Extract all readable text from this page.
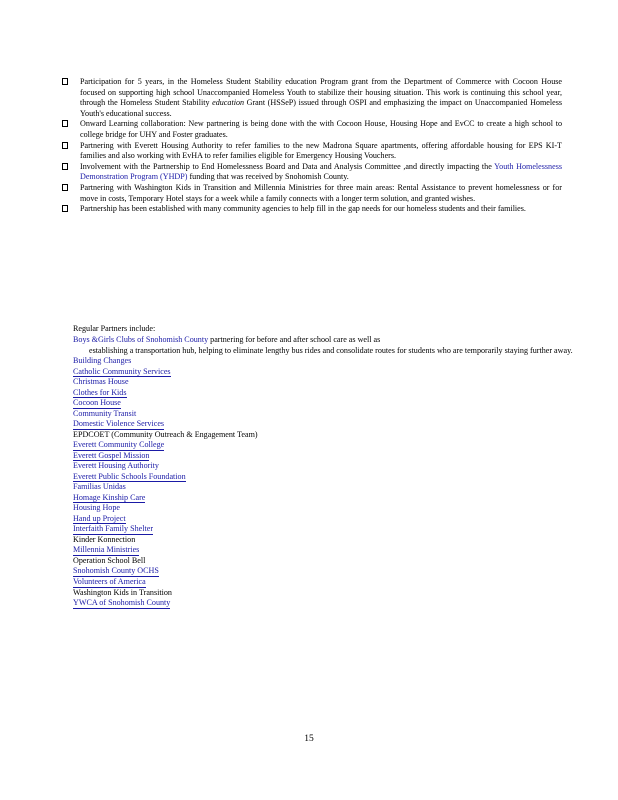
Participation for 5 years, in the Homeless Student Stability education Program grant from the Department of Commerce with Cocoon House focused on supporting high school Unaccompanied Homeless Youth to stabilize their housing situation. This work is continuing this school year, through the Homeless Student Stability education Grant (HSSeP) issued through OSPI and emphasizing the impact on Unaccompanied Homeless Youth's educational success.
Onward Learning collaboration: New partnering is being done with the with Cocoon House, Housing Hope and EvCC to create a high school to college bridge for UHY and Foster graduates.
Partnering with Everett Housing Authority to refer families to the new Madrona Square apartments, offering affordable housing for EPS KI-T families and also working with EvHA to refer families eligible for Emergency Housing Vouchers.
Involvement with the Partnership to End Homelessness Board and Data and Analysis Committee ,and directly impacting the Youth Homelessness Demonstration Program (YHDP) funding that was received by Snohomish County.
Partnering with Washington Kids in Transition and Millennia Ministries for three main areas: Rental Assistance to prevent homelessness or for move in costs, Temporary Hotel stays for a week while a family connects with a longer term solution, and granted wishes.
Partnership has been established with many community agencies to help fill in the gap needs for our homeless students and their families.
Regular Partners include:
Boys &Girls Clubs of Snohomish County partnering for before and after school care as well as
establishing a transportation hub, helping to eliminate lengthy bus rides and consolidate routes for students who are temporarily staying further away.
Building Changes
Catholic Community Services
Christmas House
Clothes for Kids
Cocoon House
Community Transit
Domestic Violence Services
EPDCOET (Community Outreach & Engagement Team)
Everett Community College
Everett Gospel Mission
Everett Housing Authority
Everett Public Schools Foundation
Familias Unidas
Homage Kinship Care
Housing Hope
Hand up Project
Interfaith Family Shelter
Kinder Konnection
Millennia Ministries
Operation School Bell
Snohomish County OCHS
Volunteers of America
Washington Kids in Transition
YWCA of Snohomish County
15
